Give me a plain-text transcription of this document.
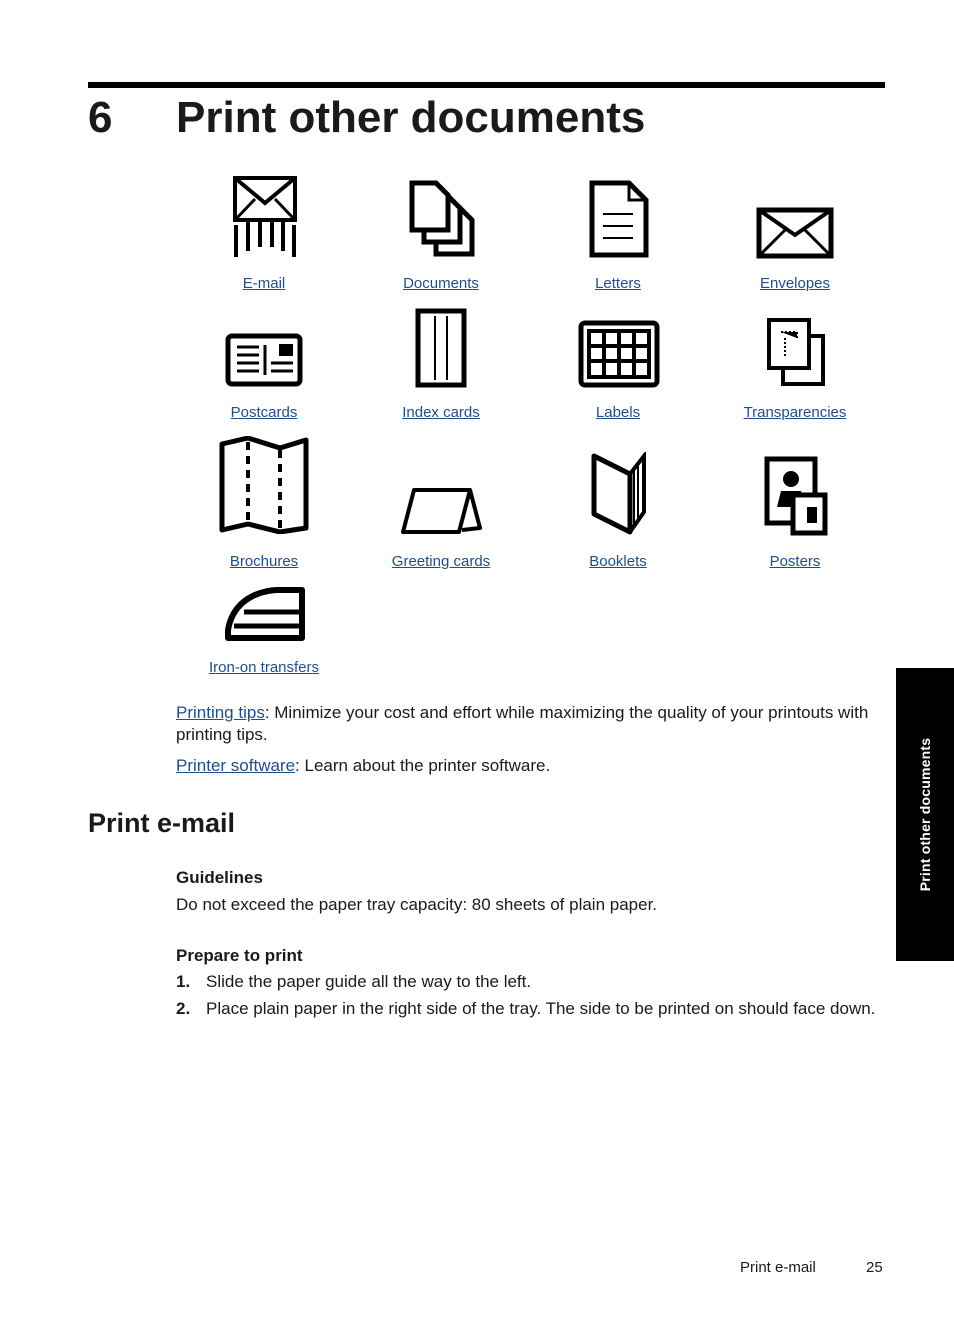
6 Print other documents
E-mail	Documents	Letters	Envelopes
Postcards	Index cards	Labels	Transparencies
Brochures	Greeting cards	Booklets	Posters
Iron-on transfers
Printing tips: Minimize your cost and effort while maximizing the quality of your printouts with printing tips.
Printer software: Learn about the printer software.
Print e-mail
Guidelines
Do not exceed the paper tray capacity: 80 sheets of plain paper.
Prepare to print
1. Slide the paper guide all the way to the left.
2. Place plain paper in the right side of the tray. The side to be printed on should face down.
Print other documents
Print e-mail	25
